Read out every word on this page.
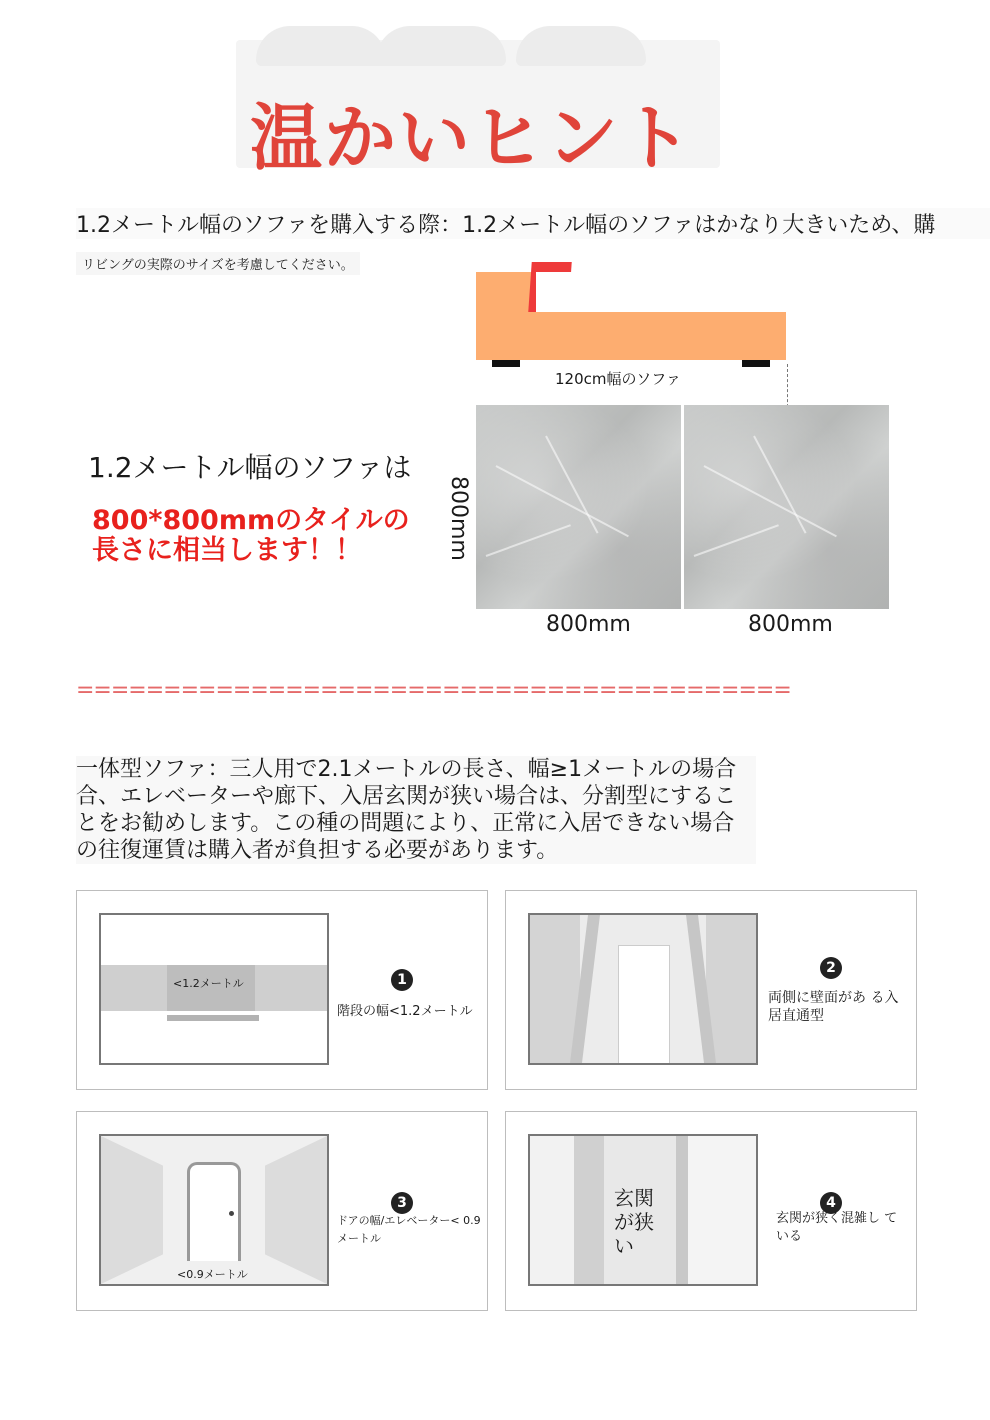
温かいヒント
1.2メートル幅のソファを購入する際：1.2メートル幅のソファはかなり大きいため、購
リビングの実際のサイズを考慮してください。
120cm幅のソファ
800mm	800mm
800mm
1.2メートル幅のソファは
800*800mmのタイルの
長さに相当します！！
=========================================
一体型ソファ：三人用で2.1メートルの長さ、幅≥1メートルの場合合、エレベーターや廊下、入居玄関が狭い場合は、分割型にすることをお勧めします。この種の問題により、正常に入居できない場合の往復運賃は購入者が負担する必要があります。
<1.2メートル	1
階段の幅<1.2メートル
2
両側に壁面があ る入居直通型
<0.9メートル
3
ドアの幅/エレベーター< 0.9メートル
玄関が狭い
4
玄関が狭く混雑し ている
